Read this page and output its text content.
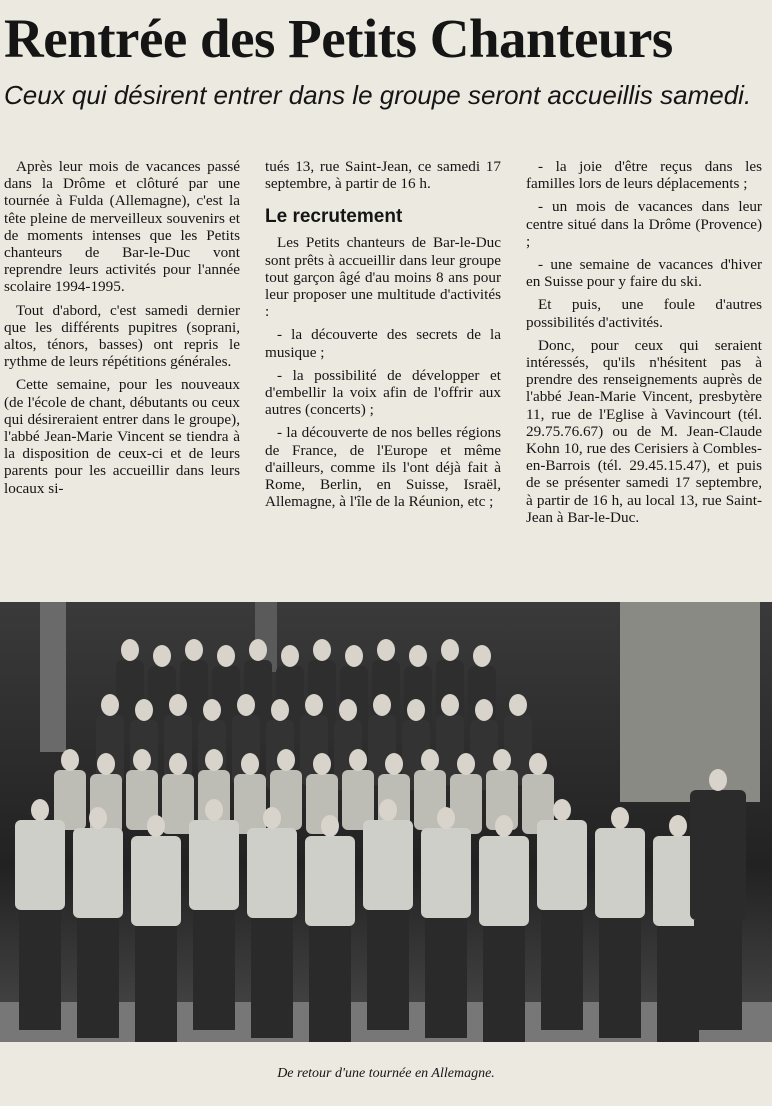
Rentrée des Petits Chanteurs
Ceux qui désirent entrer dans le groupe seront accueillis samedi.

Après leur mois de vacances passé dans la Drôme et clôturé par une tournée à Fulda (Allemagne), c'est la tête pleine de merveilleux souvenirs et de moments intenses que les Petits chanteurs de Bar-le-Duc vont reprendre leurs activités pour l'année scolaire 1994-1995.

Tout d'abord, c'est samedi dernier que les différents pupitres (soprani, altos, ténors, basses) ont repris le rythme de leurs répétitions générales.

Cette semaine, pour les nouveaux (de l'école de chant, débutants ou ceux qui désireraient entrer dans le groupe), l'abbé Jean-Marie Vincent se tiendra à la disposition de ceux-ci et de leurs parents pour les accueillir dans leurs locaux si-

tués 13, rue Saint-Jean, ce samedi 17 septembre, à partir de 16 h.

Le recrutement

Les Petits chanteurs de Bar-le-Duc sont prêts à accueillir dans leur groupe tout garçon âgé d'au moins 8 ans pour leur proposer une multitude d'activités :

- la découverte des secrets de la musique ;

- la possibilité de développer et d'embellir la voix afin de l'offrir aux autres (concerts) ;

- la découverte de nos belles régions de France, de l'Europe et même d'ailleurs, comme ils l'ont déjà fait à Rome, Berlin, en Suisse, Israël, Allemagne, à l'île de la Réunion, etc ;

- la joie d'être reçus dans les familles lors de leurs déplacements ;

- un mois de vacances dans leur centre situé dans la Drôme (Provence) ;

- une semaine de vacances d'hiver en Suisse pour y faire du ski.

Et puis, une foule d'autres possibilités d'activités.

Donc, pour ceux qui seraient intéressés, qu'ils n'hésitent pas à prendre des renseignements auprès de l'abbé Jean-Marie Vincent, presbytère 11, rue de l'Eglise à Vavincourt (tél. 29.75.76.67) ou de M. Jean-Claude Kohn 10, rue des Cerisiers à Combles-en-Barrois (tél. 29.45.15.47), et puis de se présenter samedi 17 septembre, à partir de 16 h, au local 13, rue Saint-Jean à Bar-le-Duc.

De retour d'une tournée en Allemagne.
